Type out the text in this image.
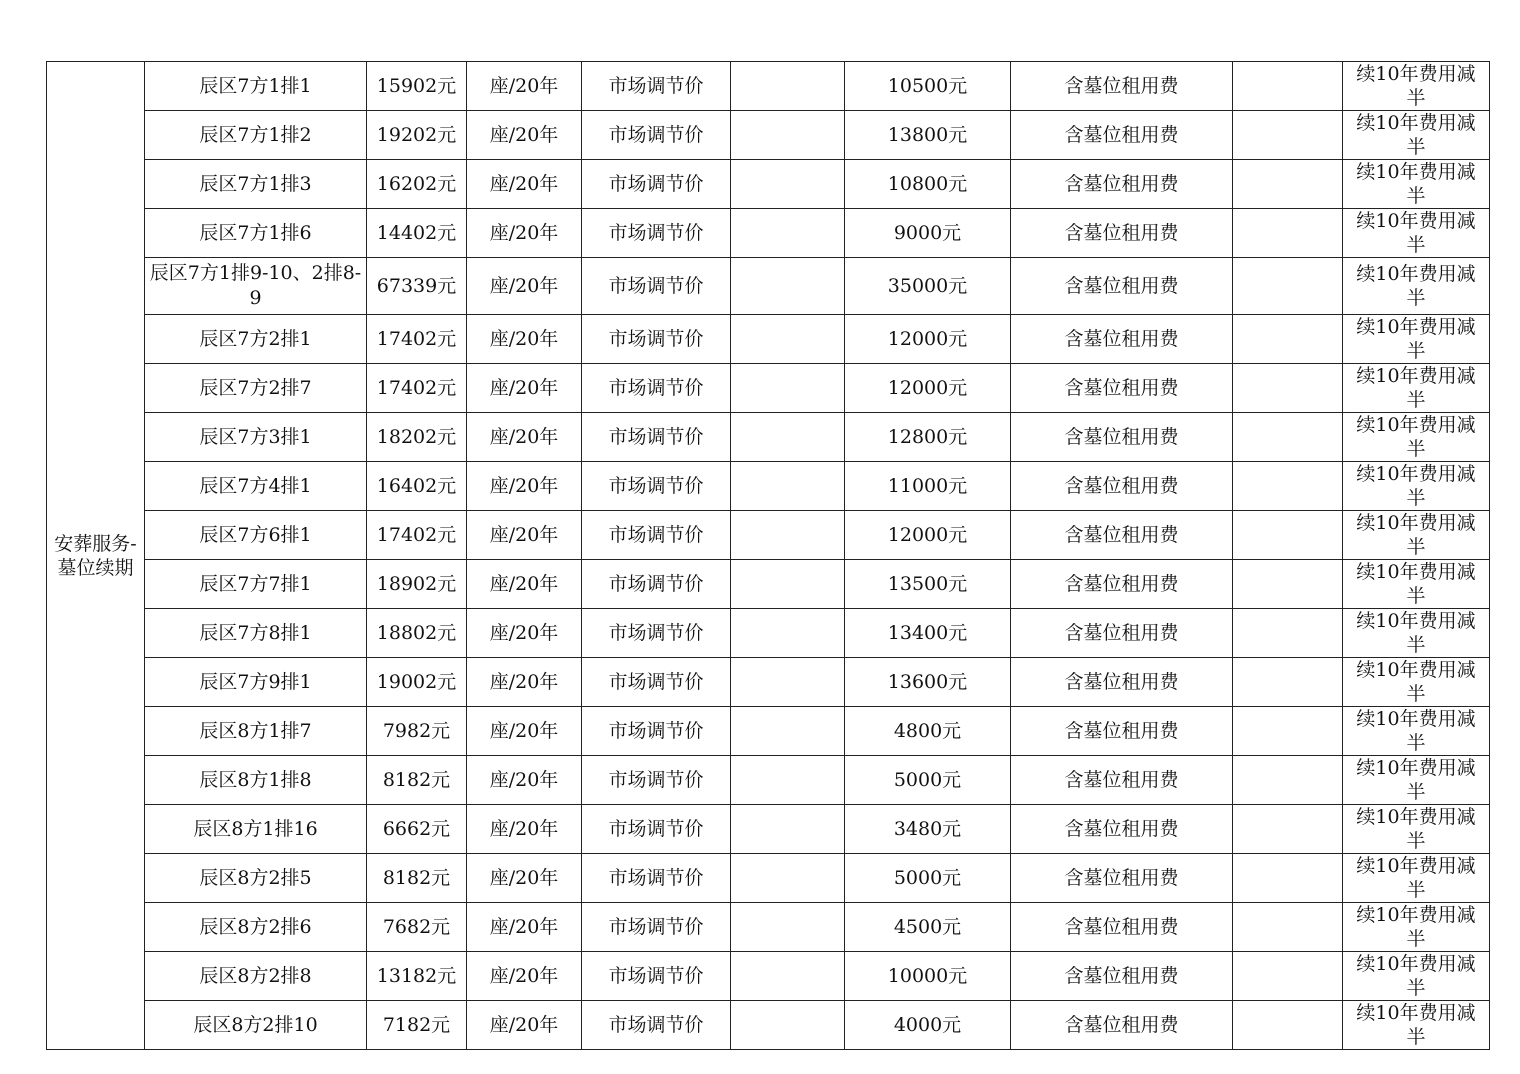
安葬服务-墓位续期	辰区7方1排1	15902元	座/20年	市场调节价		10500元	含墓位租用费		续10年费用减半
	辰区7方1排2	19202元	座/20年	市场调节价		13800元	含墓位租用费		续10年费用减半
	辰区7方1排3	16202元	座/20年	市场调节价		10800元	含墓位租用费		续10年费用减半
	辰区7方1排6	14402元	座/20年	市场调节价		9000元	含墓位租用费		续10年费用减半
	辰区7方1排9-10、2排8-9	67339元	座/20年	市场调节价		35000元	含墓位租用费		续10年费用减半
	辰区7方2排1	17402元	座/20年	市场调节价		12000元	含墓位租用费		续10年费用减半
	辰区7方2排7	17402元	座/20年	市场调节价		12000元	含墓位租用费		续10年费用减半
	辰区7方3排1	18202元	座/20年	市场调节价		12800元	含墓位租用费		续10年费用减半
	辰区7方4排1	16402元	座/20年	市场调节价		11000元	含墓位租用费		续10年费用减半
	辰区7方6排1	17402元	座/20年	市场调节价		12000元	含墓位租用费		续10年费用减半
	辰区7方7排1	18902元	座/20年	市场调节价		13500元	含墓位租用费		续10年费用减半
	辰区7方8排1	18802元	座/20年	市场调节价		13400元	含墓位租用费		续10年费用减半
	辰区7方9排1	19002元	座/20年	市场调节价		13600元	含墓位租用费		续10年费用减半
	辰区8方1排7	7982元	座/20年	市场调节价		4800元	含墓位租用费		续10年费用减半
	辰区8方1排8	8182元	座/20年	市场调节价		5000元	含墓位租用费		续10年费用减半
	辰区8方1排16	6662元	座/20年	市场调节价		3480元	含墓位租用费		续10年费用减半
	辰区8方2排5	8182元	座/20年	市场调节价		5000元	含墓位租用费		续10年费用减半
	辰区8方2排6	7682元	座/20年	市场调节价		4500元	含墓位租用费		续10年费用减半
	辰区8方2排8	13182元	座/20年	市场调节价		10000元	含墓位租用费		续10年费用减半
	辰区8方2排10	7182元	座/20年	市场调节价		4000元	含墓位租用费		续10年费用减半
